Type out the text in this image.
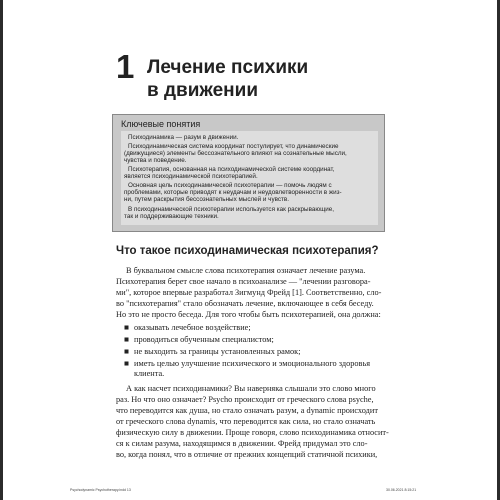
1 Лечение психики
в движении
Ключевые понятия
Психодинамика — разум в движении.
Психодинамическая система координат постулирует, что динамические
(движущиеся) элементы бессознательного влияют на сознательные мысли,
чувства и поведение.
Психотерапия, основанная на психодинамической системе координат,
является психодинамической психотерапией.
Основная цель психодинамической психотерапии — помочь людям с
проблемами, которые приводят к неудачам и неудовлетворенности в жиз-
ни, путем раскрытия бессознательных мыслей и чувств.
В психодинамической психотерапии используется как раскрывающие,
так и поддерживающие техники.
Что такое психодинамическая психотерапия?
В буквальном смысле слова психотерапия означает лечение разума.
Психотерапия берет свое начало в психоанализе — "лечении разговора-
ми", которое впервые разработал Зигмунд Фрейд [1]. Соответственно, сло-
во "психотерапия" стало обозначать лечение, включающее в себя беседу.
Но это не просто беседа. Для того чтобы быть психотерапией, она должна:
■ оказывать лечебное воздействие;
■ проводиться обученным специалистом;
■ не выходить за границы установленных рамок;
■ иметь целью улучшение психического и эмоционального здоровья
клиента.
А как насчет психодинамики? Вы наверняка слышали это слово много
раз. Но что оно означает? Psycho происходит от греческого слова psyche,
что переводится как душа, но стало означать разум, а dynamic происходит
от греческого слова dynamis, что переводится как сила, но стало означать
физическую силу в движении. Проще говоря, слово психодинамика относит-
ся к силам разума, находящимся в движении. Фрейд придумал это сло-
во, когда понял, что в отличие от прежних концепций статичной психики,
Psychodynamic Psychotherapy.indd 13	30.06.2021 8:15:21
